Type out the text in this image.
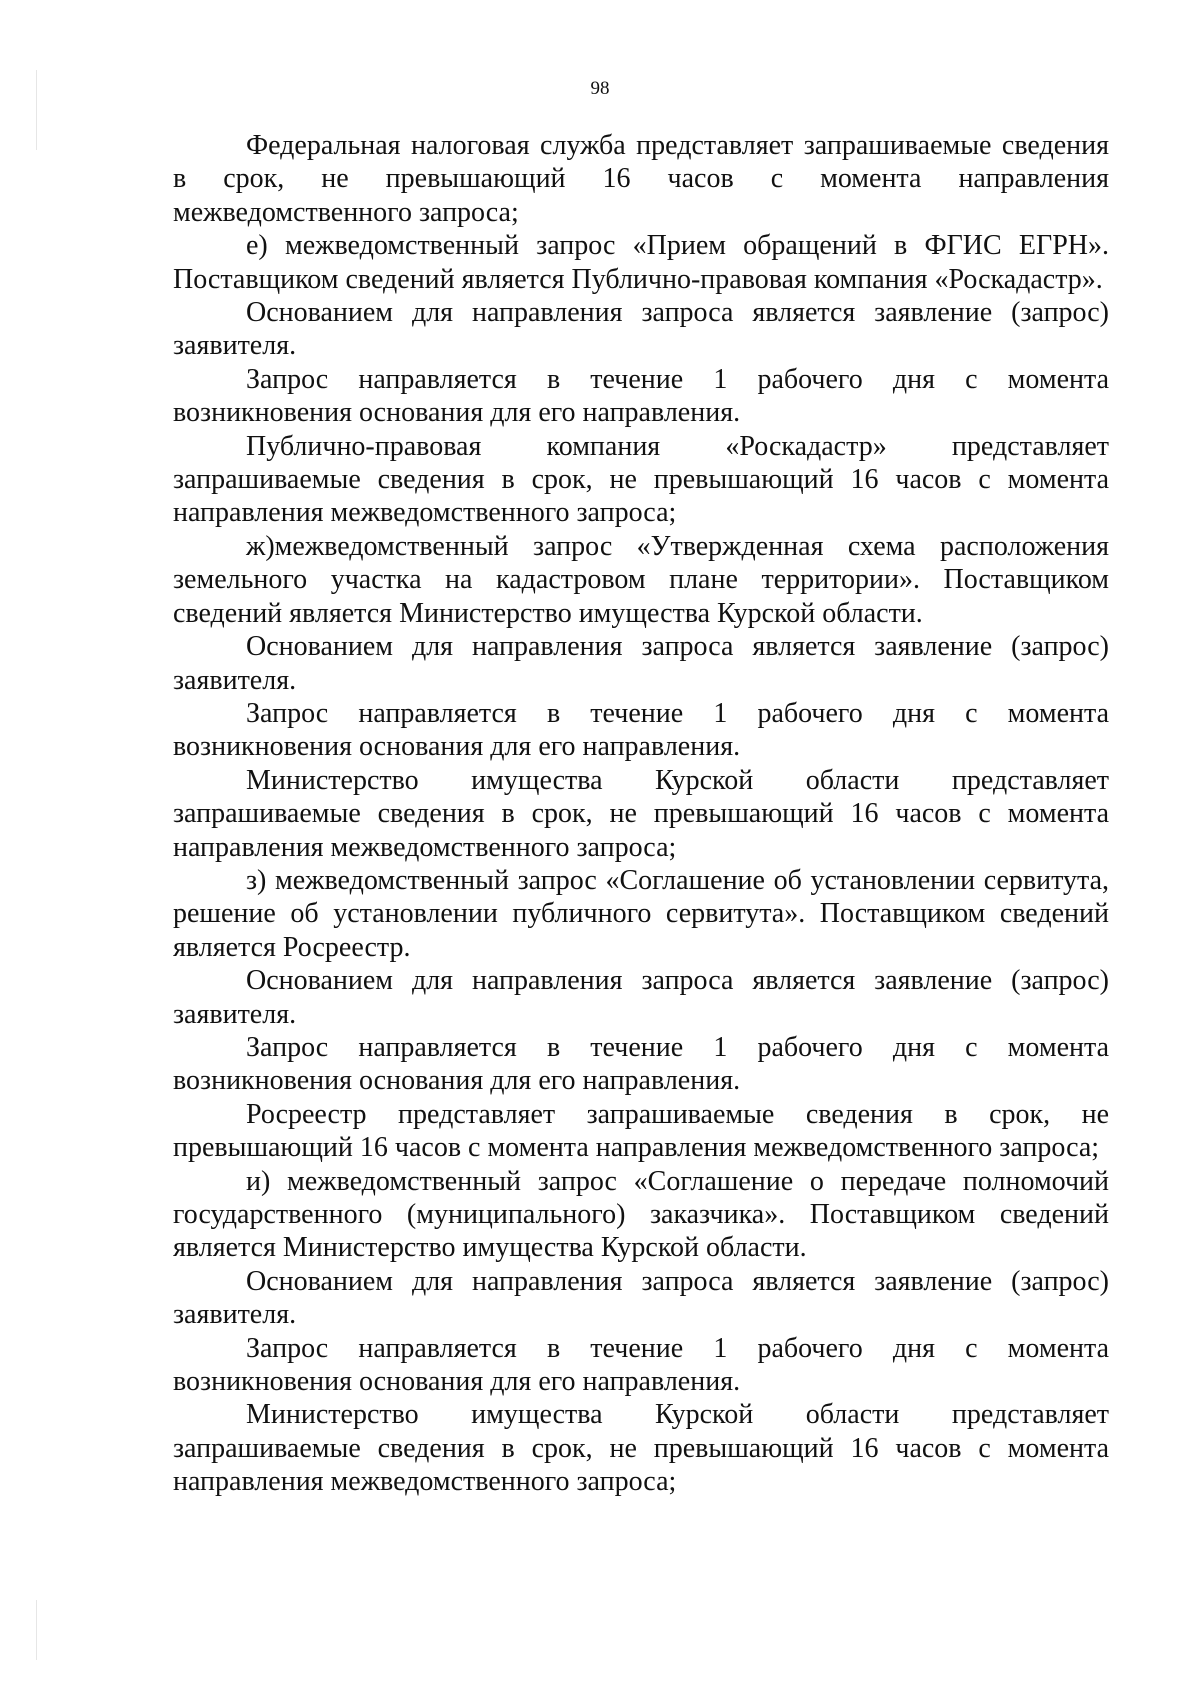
98

Федеральная налоговая служба представляет запрашиваемые сведения в срок, не превышающий 16 часов с момента направления межведомственного запроса;

е) межведомственный запрос «Прием обращений в ФГИС ЕГРН». Поставщиком сведений является Публично-правовая компания «Роскадастр».

Основанием для направления запроса является заявление (запрос) заявителя.

Запрос направляется в течение 1 рабочего дня с момента возникновения основания для его направления.

Публично-правовая компания «Роскадастр» представляет запрашиваемые сведения в срок, не превышающий 16 часов с момента направления межведомственного запроса;

ж)межведомственный запрос «Утвержденная схема расположения земельного участка на кадастровом плане территории». Поставщиком сведений является Министерство имущества Курской области.

Основанием для направления запроса является заявление (запрос) заявителя.

Запрос направляется в течение 1 рабочего дня с момента возникновения основания для его направления.

Министерство имущества Курской области представляет запрашиваемые сведения в срок, не превышающий 16 часов с момента направления межведомственного запроса;

з) межведомственный запрос «Соглашение об установлении сервитута, решение об установлении публичного сервитута». Поставщиком сведений является Росреестр.

Основанием для направления запроса является заявление (запрос) заявителя.

Запрос направляется в течение 1 рабочего дня с момента возникновения основания для его направления.

Росреестр представляет запрашиваемые сведения в срок, не превышающий 16 часов с момента направления межведомственного запроса;

и) межведомственный запрос «Соглашение о передаче полномочий государственного (муниципального) заказчика». Поставщиком сведений является Министерство имущества Курской области.

Основанием для направления запроса является заявление (запрос) заявителя.

Запрос направляется в течение 1 рабочего дня с момента возникновения основания для его направления.

Министерство имущества Курской области представляет запрашиваемые сведения в срок, не превышающий 16 часов с момента направления межведомственного запроса;
